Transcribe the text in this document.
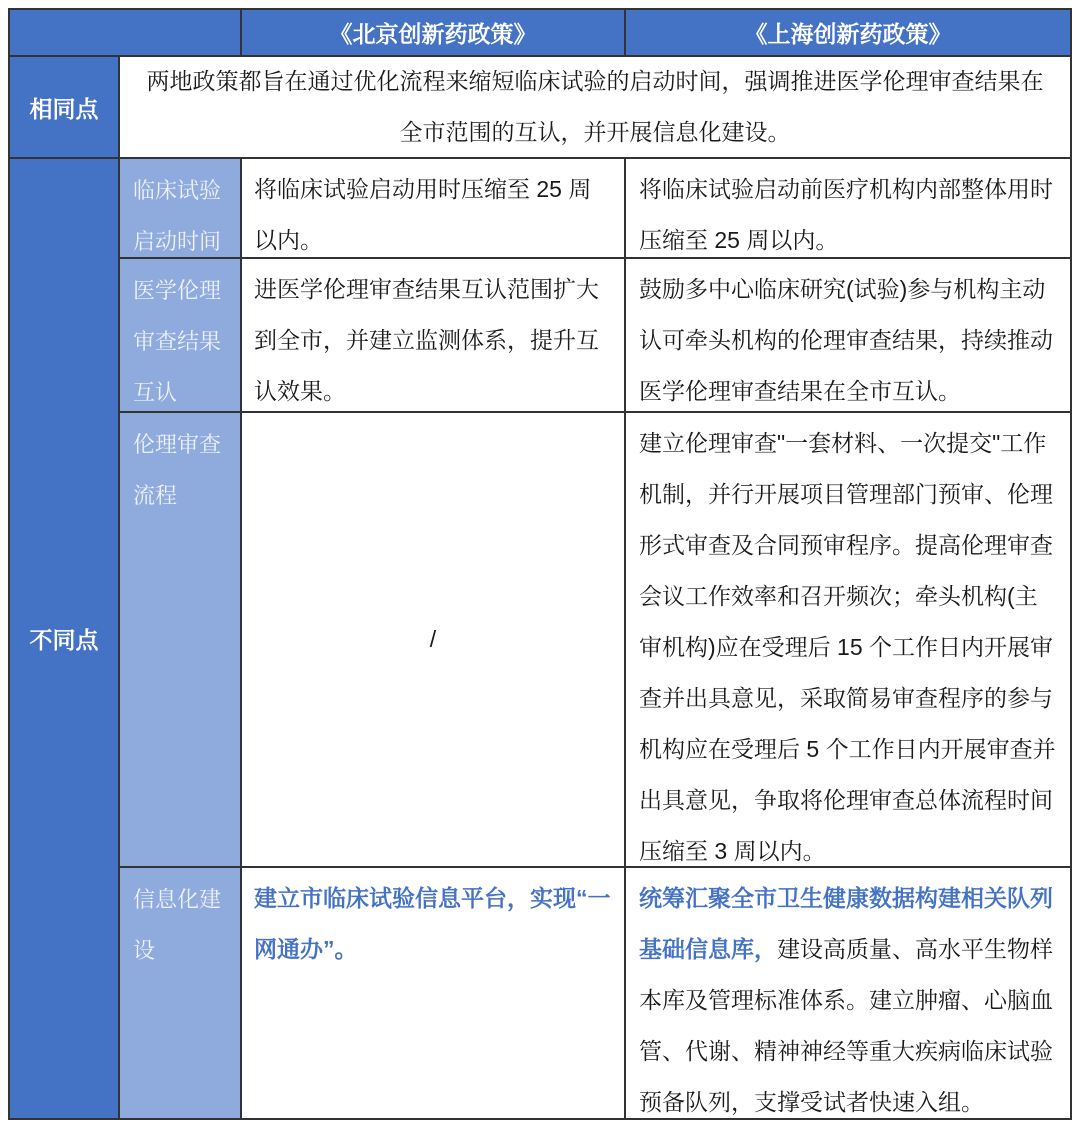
《北京创新药政策》	《上海创新药政策》
相同点
两地政策都旨在通过优化流程来缩短临床试验的启动时间，强调推进医学伦理审查结果在全市范围的互认，并开展信息化建设。
不同点
临床试验启动时间
将临床试验启动用时压缩至 25 周以内。
将临床试验启动前医疗机构内部整体用时压缩至 25 周以内。
医学伦理审查结果互认
进医学伦理审查结果互认范围扩大到全市，并建立监测体系，提升互认效果。
鼓励多中心临床研究(试验)参与机构主动认可牵头机构的伦理审查结果，持续推动医学伦理审查结果在全市互认。
伦理审查流程
/
建立伦理审查"一套材料、一次提交"工作机制，并行开展项目管理部门预审、伦理形式审查及合同预审程序。提高伦理审查会议工作效率和召开频次；牵头机构(主审机构)应在受理后 15 个工作日内开展审查并出具意见，采取简易审查程序的参与机构应在受理后 5 个工作日内开展审查并出具意见，争取将伦理审查总体流程时间压缩至 3 周以内。
信息化建设
建立市临床试验信息平台，实现“一网通办”。
统筹汇聚全市卫生健康数据构建相关队列基础信息库，建设高质量、高水平生物样本库及管理标准体系。建立肿瘤、心脑血管、代谢、精神神经等重大疾病临床试验预备队列，支撑受试者快速入组。
